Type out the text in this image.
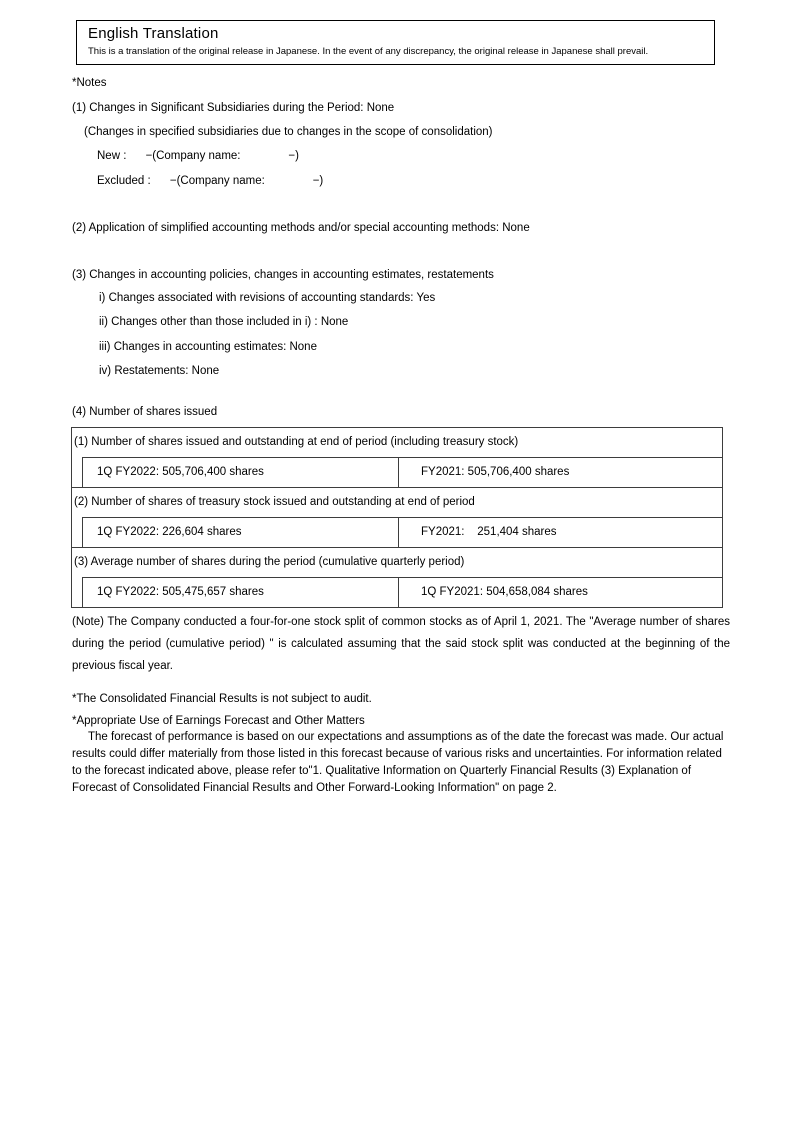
English Translation
This is a translation of the original release in Japanese. In the event of any discrepancy, the original release in Japanese shall prevail.
*Notes
(1) Changes in Significant Subsidiaries during the Period: None
(Changes in specified subsidiaries due to changes in the scope of consolidation)
New :      −(Company name:               −)
Excluded :      −(Company name:               −)
(2) Application of simplified accounting methods and/or special accounting methods: None
(3) Changes in accounting policies, changes in accounting estimates, restatements
i) Changes associated with revisions of accounting standards: Yes
ii) Changes other than those included in i) : None
iii) Changes in accounting estimates: None
iv) Restatements: None
(4) Number of shares issued
(1) Number of shares issued and outstanding at end of period (including treasury stock)
1Q FY2022: 505,706,400 shares	FY2021: 505,706,400 shares
(2) Number of shares of treasury stock issued and outstanding at end of period
1Q FY2022: 226,604 shares	FY2021:    251,404 shares
(3) Average number of shares during the period (cumulative quarterly period)
1Q FY2022: 505,475,657 shares	1Q FY2021: 504,658,084 shares
(Note) The Company conducted a four-for-one stock split of common stocks as of April 1, 2021. The "Average number of shares during the period (cumulative period) " is calculated assuming that the said stock split was conducted at the beginning of the previous fiscal year.
*The Consolidated Financial Results is not subject to audit.
*Appropriate Use of Earnings Forecast and Other Matters
The forecast of performance is based on our expectations and assumptions as of the date the forecast was made. Our actual results could differ materially from those listed in this forecast because of various risks and uncertainties. For information related to the forecast indicated above, please refer to"1. Qualitative Information on Quarterly Financial Results (3) Explanation of Forecast of Consolidated Financial Results and Other Forward-Looking Information" on page 2.
